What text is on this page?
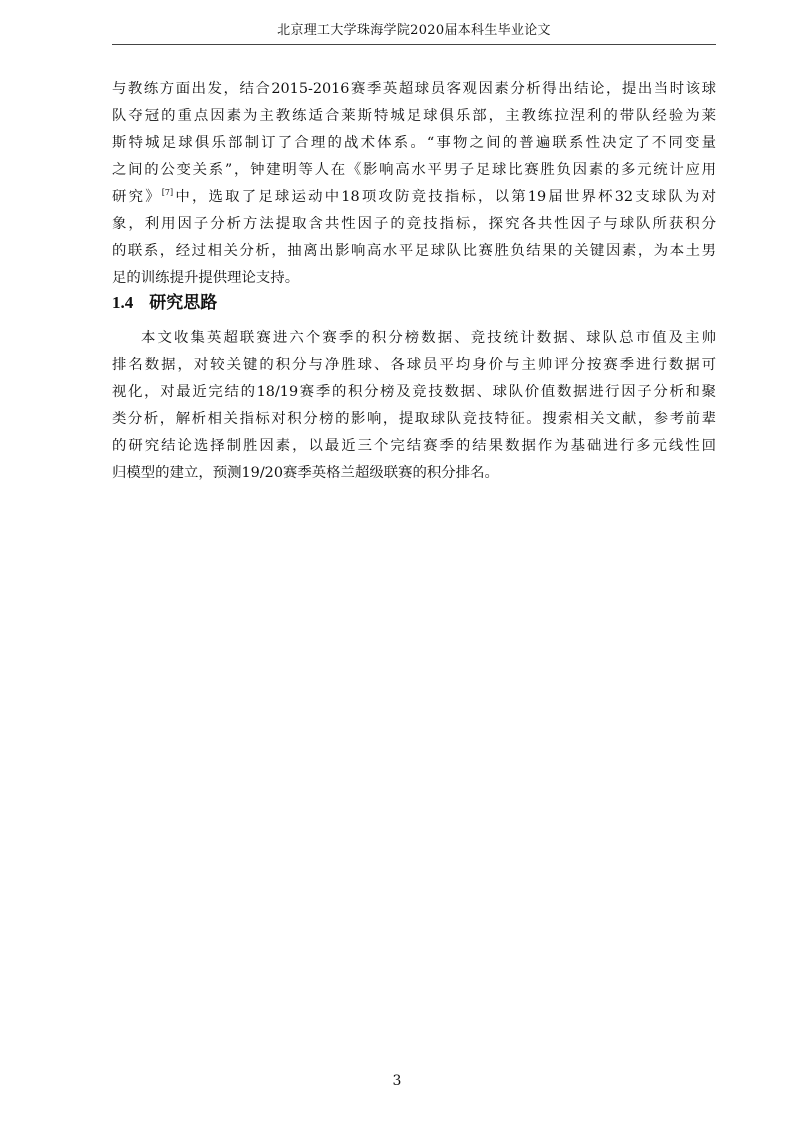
北京理工大学珠海学院2020届本科生毕业论文
与教练方面出发，结合2015-2016赛季英超球员客观因素分析得出结论，提出当时该球
队夺冠的重点因素为主教练适合莱斯特城足球俱乐部，主教练拉涅利的带队经验为莱
斯特城足球俱乐部制订了合理的战术体系。“事物之间的普遍联系性决定了不同变量
之间的公变关系”，钟建明等人在《影响高水平男子足球比赛胜负因素的多元统计应用
研究》[7]中，选取了足球运动中18项攻防竞技指标，以第19届世界杯32支球队为对
象，利用因子分析方法提取含共性因子的竞技指标，探究各共性因子与球队所获积分
的联系，经过相关分析，抽离出影响高水平足球队比赛胜负结果的关键因素，为本土男
足的训练提升提供理论支持。
1.4 研究思路
本文收集英超联赛进六个赛季的积分榜数据、竞技统计数据、球队总市值及主帅
排名数据，对较关键的积分与净胜球、各球员平均身价与主帅评分按赛季进行数据可
视化，对最近完结的18/19赛季的积分榜及竞技数据、球队价值数据进行因子分析和聚
类分析，解析相关指标对积分榜的影响，提取球队竞技特征。搜索相关文献，参考前辈
的研究结论选择制胜因素，以最近三个完结赛季的结果数据作为基础进行多元线性回
归模型的建立，预测19/20赛季英格兰超级联赛的积分排名。
3
